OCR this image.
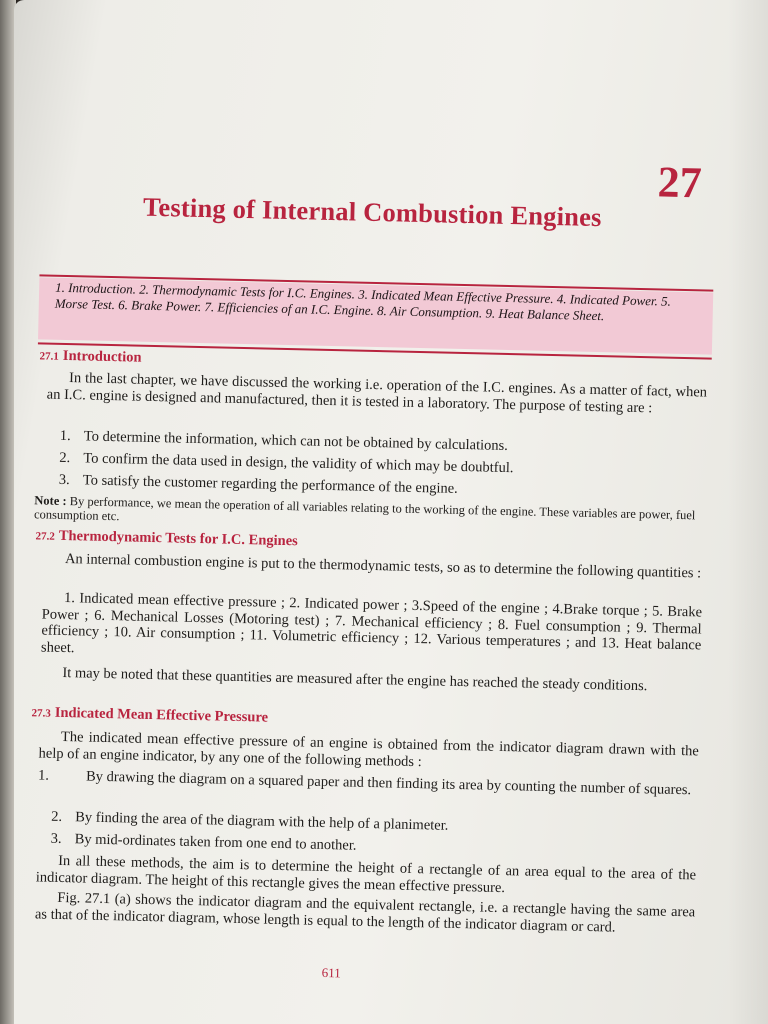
27
Testing of Internal Combustion Engines
1. Introduction. 2. Thermodynamic Tests for I.C. Engines. 3. Indicated Mean Effective Pressure. 4. Indicated Power. 5. Morse Test. 6. Brake Power. 7. Efficiencies of an I.C. Engine. 8. Air Consumption. 9. Heat Balance Sheet.
27.1 Introduction
In the last chapter, we have discussed the working i.e. operation of the I.C. engines. As a matter of fact, when an I.C. engine is designed and manufactured, then it is tested in a laboratory. The purpose of testing are :
1. To determine the information, which can not be obtained by calculations.
2. To confirm the data used in design, the validity of which may be doubtful.
3. To satisfy the customer regarding the performance of the engine.
Note : By performance, we mean the operation of all variables relating to the working of the engine. These variables are power, fuel consumption etc.
27.2 Thermodynamic Tests for I.C. Engines
An internal combustion engine is put to the thermodynamic tests, so as to determine the following quantities :
1. Indicated mean effective pressure ; 2. Indicated power ; 3.Speed of the engine ; 4.Brake torque ; 5. Brake Power ; 6. Mechanical Losses (Motoring test) ; 7. Mechanical efficiency ; 8. Fuel consumption ; 9. Thermal efficiency ; 10. Air consumption ; 11. Volumetric efficiency ; 12. Various temperatures ; and 13. Heat balance sheet.
It may be noted that these quantities are measured after the engine has reached the steady conditions.
27.3 Indicated Mean Effective Pressure
The indicated mean effective pressure of an engine is obtained from the indicator diagram drawn with the help of an engine indicator, by any one of the following methods :
1.	By drawing the diagram on a squared paper and then finding its area by counting the number of squares.
2. By finding the area of the diagram with the help of a planimeter.
3. By mid-ordinates taken from one end to another.
In all these methods, the aim is to determine the height of a rectangle of an area equal to the area of the indicator diagram. The height of this rectangle gives the mean effective pressure.
Fig. 27.1 (a) shows the indicator diagram and the equivalent rectangle, i.e. a rectangle having the same area as that of the indicator diagram, whose length is equal to the length of the indicator diagram or card.
611
